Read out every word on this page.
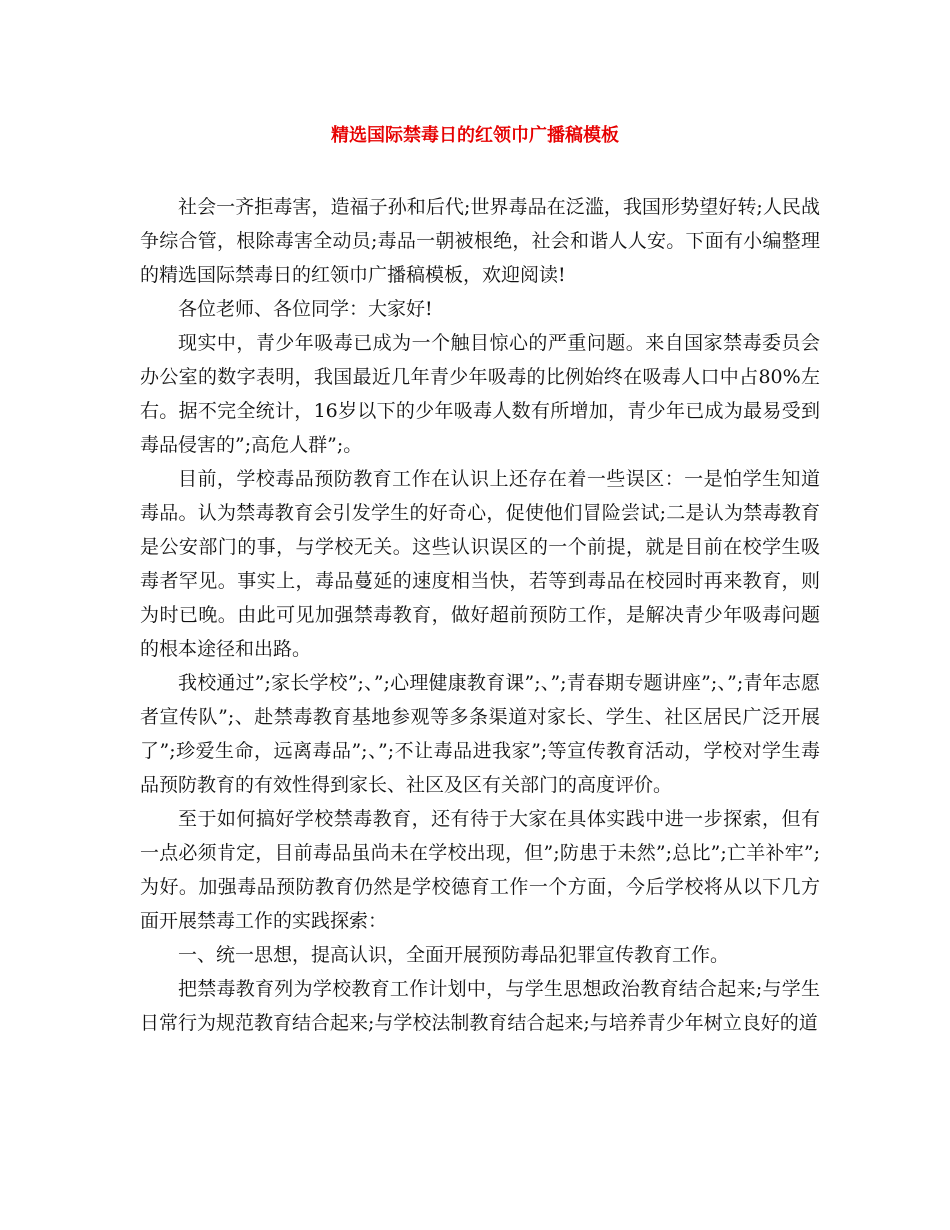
精选国际禁毒日的红领巾广播稿模板

社会一齐拒毒害，造福子孙和后代;世界毒品在泛滥，我国形势望好转;人民战争综合管，根除毒害全动员;毒品一朝被根绝，社会和谐人人安。下面有小编整理的精选国际禁毒日的红领巾广播稿模板，欢迎阅读!

各位老师、各位同学：大家好!

现实中，青少年吸毒已成为一个触目惊心的严重问题。来自国家禁毒委员会办公室的数字表明，我国最近几年青少年吸毒的比例始终在吸毒人口中占80%左右。据不完全统计，16岁以下的少年吸毒人数有所增加，青少年已成为最易受到毒品侵害的”;高危人群”;。

目前，学校毒品预防教育工作在认识上还存在着一些误区：一是怕学生知道毒品。认为禁毒教育会引发学生的好奇心，促使他们冒险尝试;二是认为禁毒教育是公安部门的事，与学校无关。这些认识误区的一个前提，就是目前在校学生吸毒者罕见。事实上，毒品蔓延的速度相当快，若等到毒品在校园时再来教育，则为时已晚。由此可见加强禁毒教育，做好超前预防工作，是解决青少年吸毒问题的根本途径和出路。

我校通过”;家长学校”;、”;心理健康教育课”;、”;青春期专题讲座”;、”;青年志愿者宣传队”;、赴禁毒教育基地参观等多条渠道对家长、学生、社区居民广泛开展了”;珍爱生命，远离毒品”;、”;不让毒品进我家”;等宣传教育活动，学校对学生毒品预防教育的有效性得到家长、社区及区有关部门的高度评价。

至于如何搞好学校禁毒教育，还有待于大家在具体实践中进一步探索，但有一点必须肯定，目前毒品虽尚未在学校出现，但”;防患于未然”;总比”;亡羊补牢”;为好。加强毒品预防教育仍然是学校德育工作一个方面，今后学校将从以下几方面开展禁毒工作的实践探索：

一、统一思想，提高认识，全面开展预防毒品犯罪宣传教育工作。

把禁毒教育列为学校教育工作计划中，与学生思想政治教育结合起来;与学生日常行为规范教育结合起来;与学校法制教育结合起来;与培养青少年树立良好的道
